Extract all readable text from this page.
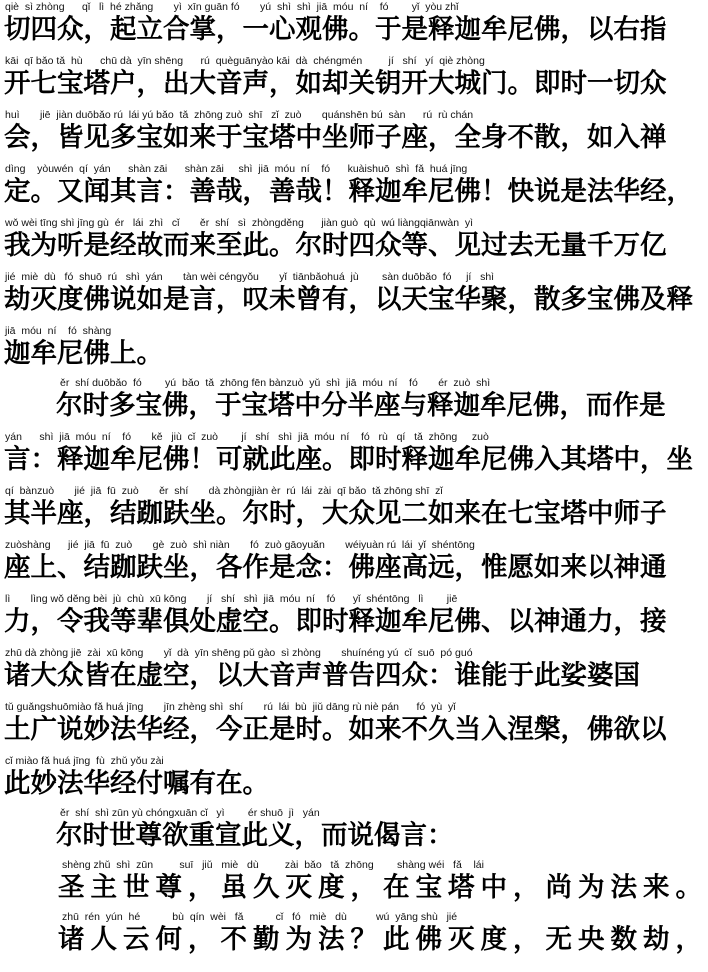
qiè  sì zhòng      qǐ   lì  hé zhǎng       yì  xīn guān fó       yú  shì  shì  jiā  móu  ní    fó        yǐ  yòu zhǐ
切四众，起立合掌，一心观佛。于是释迦牟尼佛，以右指
kāi  qī bǎo tǎ  hù      chū dà  yīn shēng      rú  quèguānyào kāi  dà  chéngmén         jí   shí   yí  qiè zhòng
开七宝塔户，出大音声，如却关钥开大城门。即时一切众
huì       jiē  jiàn duōbǎo rú  lái yú bǎo  tǎ  zhōng zuò  shī   zǐ  zuò       quánshēn bú  sàn      rú  rù chán
会，皆见多宝如来于宝塔中坐师子座，全身不散，如入禅
dìng    yòuwén  qí  yán      shàn zāi      shàn zāi     shì  jiā  móu  ní    fó      kuàishuō  shì  fǎ  huá jīng
定。又闻其言：善哉，善哉！释迦牟尼佛！快说是法华经，
wǒ wèi tīng shì jīng gù  ér   lái  zhì   cǐ       ěr  shí   sì  zhòngděng      jiàn guò  qù  wú liàngqiānwàn  yì
我为听是经故而来至此。尔时四众等、见过去无量千万亿
jié  miè  dù   fó  shuō  rú   shì  yán       tàn wèi céngyǒu       yǐ  tiānbǎohuá  jù        sàn duōbǎo  fó     jí   shì
劫灭度佛说如是言，叹未曾有，以天宝华聚，散多宝佛及释
jiā  móu  ní    fó  shàng
迦牟尼佛上。
ěr  shí duōbǎo  fó        yú  bǎo  tǎ  zhōng fēn bànzuò  yǔ  shì  jiā  móu  ní    fó       ér  zuò  shì
尔时多宝佛，于宝塔中分半座与释迦牟尼佛，而作是
yán      shì  jiā  móu  ní    fó       kě   jiù  cǐ  zuò        jí   shí   shì  jiā  móu  ní    fó   rù   qí   tǎ  zhōng     zuò
言：释迦牟尼佛！可就此座。即时释迦牟尼佛入其塔中，坐
qí  bànzuò       jié  jiā  fū  zuò       ěr  shí       dà zhòngjiàn èr  rú  lái  zài  qī bǎo  tǎ zhōng shī  zǐ
其半座，结跏趺坐。尔时，大众见二如来在七宝塔中师子
zuòshàng      jié  jiā  fū  zuò       gè  zuò  shì niàn       fó  zuò gāoyuǎn       wéiyuàn rú  lái  yǐ  shéntōng
座上、结跏趺坐，各作是念：佛座高远，惟愿如来以神通
lì       lìng wǒ děng bèi  jù  chù  xū kōng       jí   shí   shì  jiā  móu  ní    fó      yǐ  shéntōng   lì        jiē
力，令我等辈俱处虚空。即时释迦牟尼佛、以神通力，接
zhū dà zhòng jiē  zài  xū kōng       yǐ  dà  yīn shēng pǔ gào  sì zhòng       shuínéng yú  cǐ  suō  pó guó
诸大众皆在虚空，以大音声普告四众：谁能于此娑婆国
tǔ guǎngshuōmiào fǎ huá jīng       jīn zhèng shì  shí       rú  lái  bù  jiǔ dāng rù niè pán      fó  yù  yǐ
土广说妙法华经，今正是时。如来不久当入涅槃，佛欲以
cǐ miào fǎ huá jīng  fù  zhǔ yǒu zài
此妙法华经付嘱有在。
ěr  shí  shì zūn yù chóngxuān cǐ   yì        ér shuō  jì   yán
尔时世尊欲重宣此义，而说偈言：
shèng zhǔ  shì  zūn         suī   jiǔ   miè   dù         zài  bǎo   tǎ  zhōng        shàng wéi   fǎ    lái
圣主世尊，虽久灭度，在宝塔中，尚为法来。
zhū  rén  yún  hé           bù  qín  wèi   fǎ           cǐ   fó   miè   dù          wú  yāng shù   jié
诸人云何，不勤为法？此佛灭度，无央数劫，
